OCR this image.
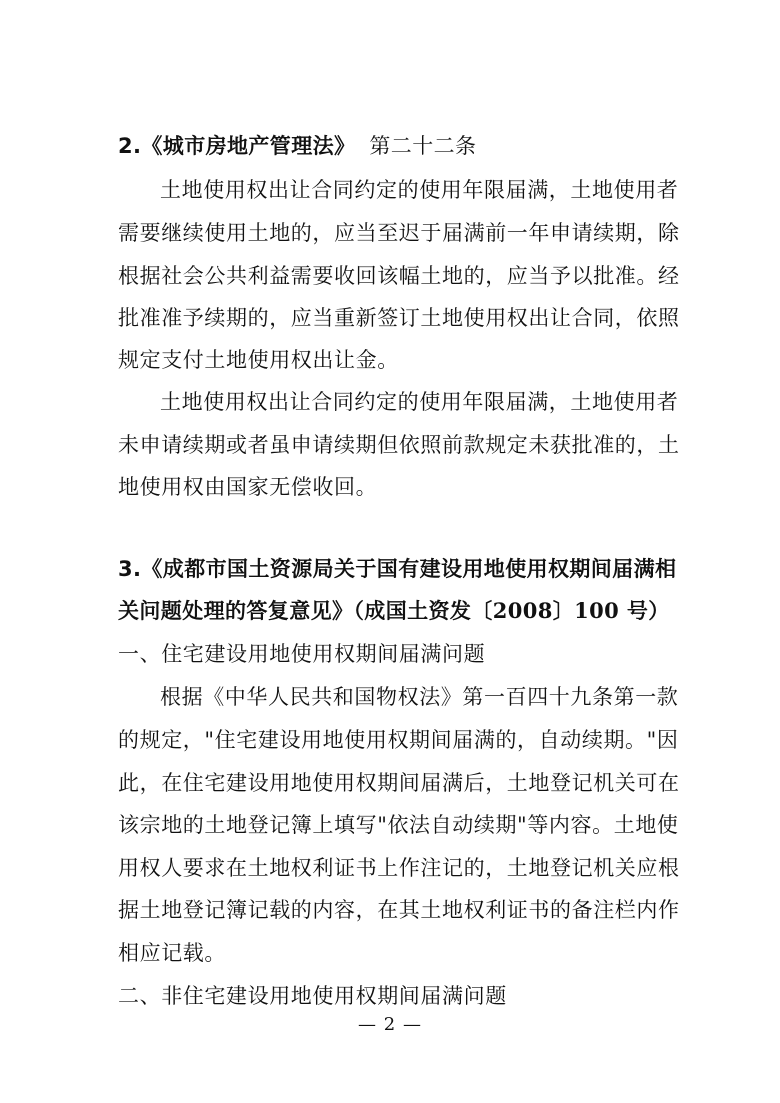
2.《城市房地产管理法》 第二十二条
土地使用权出让合同约定的使用年限届满，土地使用者
需要继续使用土地的，应当至迟于届满前一年申请续期，除
根据社会公共利益需要收回该幅土地的，应当予以批准。经
批准准予续期的，应当重新签订土地使用权出让合同，依照
规定支付土地使用权出让金。
土地使用权出让合同约定的使用年限届满，土地使用者
未申请续期或者虽申请续期但依照前款规定未获批准的，土
地使用权由国家无偿收回。
3.《成都市国土资源局关于国有建设用地使用权期间届满相
关问题处理的答复意见》（成国土资发〔2008〕100 号）
一、住宅建设用地使用权期间届满问题
根据《中华人民共和国物权法》第一百四十九条第一款
的规定，"住宅建设用地使用权期间届满的，自动续期。"因
此，在住宅建设用地使用权期间届满后，土地登记机关可在
该宗地的土地登记簿上填写"依法自动续期"等内容。土地使
用权人要求在土地权利证书上作注记的，土地登记机关应根
据土地登记簿记载的内容，在其土地权利证书的备注栏内作
相应记载。
二、非住宅建设用地使用权期间届满问题
— 2 —
